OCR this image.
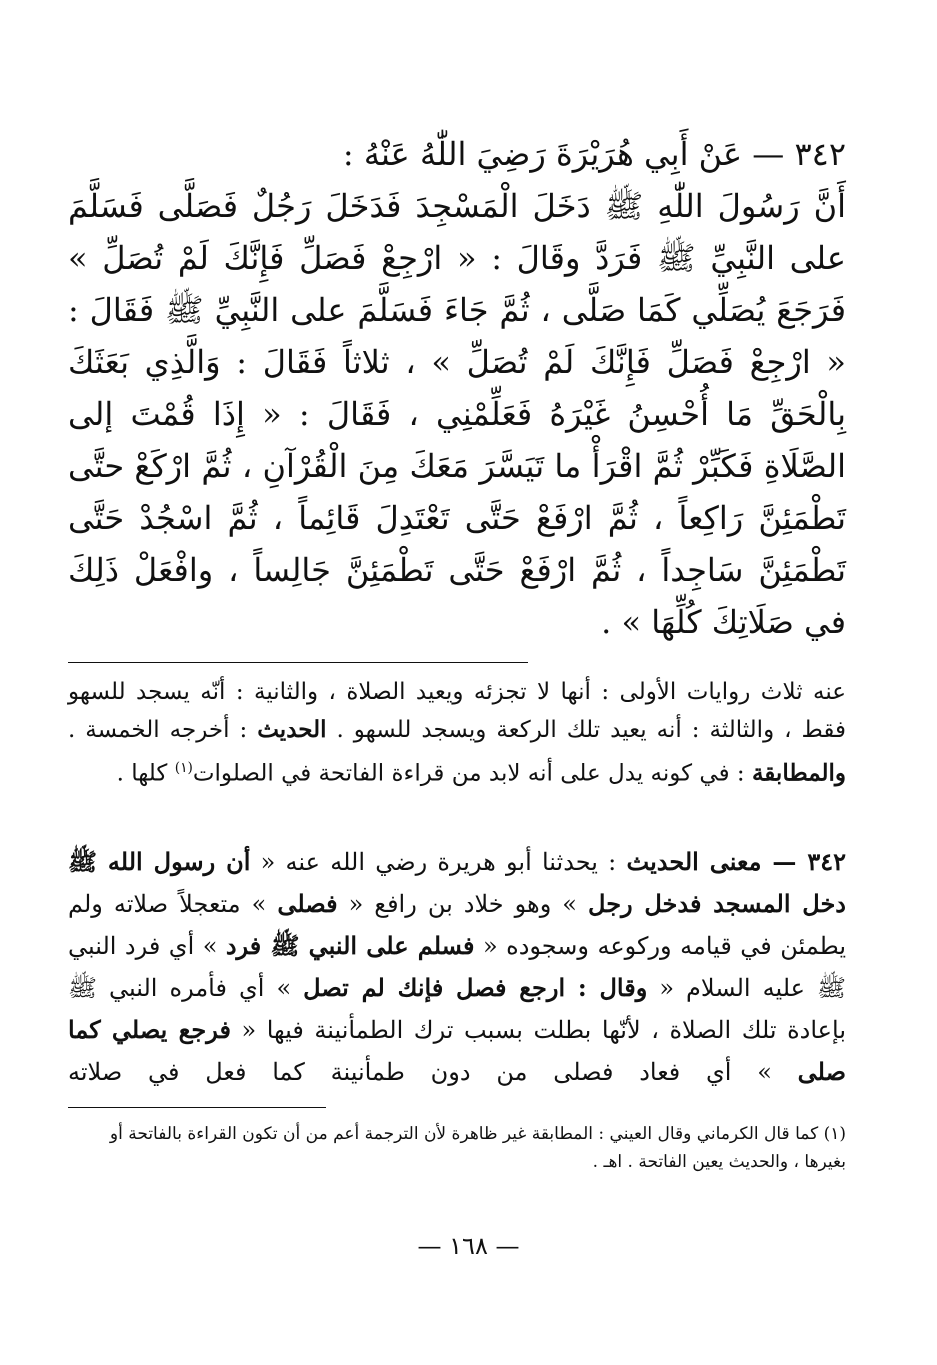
٣٤٢ — عَنْ أَبِي هُرَيْرَةَ رَضِيَ اللّٰهُ عَنْهُ :

أَنَّ رَسُولَ اللّٰهِ ﷺ دَخَلَ الْمَسْجِدَ فَدَخَلَ رَجُلٌ فَصَلَّى فَسَلَّمَ على النَّبِيِّ ﷺ فَرَدَّ وقَالَ : « ارْجِعْ فَصَلِّ فَإِنَّكَ لَمْ تُصَلِّ » فَرَجَعَ يُصَلِّي كَمَا صَلَّى ، ثُمَّ جَاءَ فَسَلَّمَ على النَّبِيِّ ﷺ فَقَالَ : « ارْجِعْ فَصَلِّ فَإِنَّكَ لَمْ تُصَلِّ » ، ثلاثاً فَقَالَ : وَالَّذِي بَعَثَكَ بِالْحَقِّ مَا أُحْسِنُ غَيْرَهُ فَعَلِّمْنِي ، فَقَالَ : « إِذَا قُمْتَ إلى الصَّلَاةِ فَكَبِّرْ ثُمَّ اقْرَأْ ما تَيَسَّرَ مَعَكَ مِنَ الْقُرْآنِ ، ثُمَّ ارْكَعْ حتَّى تَطْمَئِنَّ رَاكِعاً ، ثُمَّ ارْفَعْ حَتَّى تَعْتَدِلَ قَائِماً ، ثُمَّ اسْجُدْ حَتَّى تَطْمَئِنَّ سَاجِداً ، ثُمَّ ارْفَعْ حَتَّى تَطْمَئِنَّ جَالِساً ، وافْعَلْ ذَلِكَ في صَلَاتِكَ كُلِّهَا » .

عنه ثلاث روايات الأولى : أنها لا تجزئه ويعيد الصلاة ، والثانية : أنّه يسجد للسهو فقط ، والثالثة : أنه يعيد تلك الركعة ويسجد للسهو . الحديث : أخرجه الخمسة . والمطابقة : في كونه يدل على أنه لابد من قراءة الفاتحة في الصلوات$^{(١)}$ كلها .

٣٤٢ — معنى الحديث : يحدثنا أبو هريرة رضي الله عنه « أن رسول الله ﷺ دخل المسجد فدخل رجل » وهو خلاد بن رافع « فصلى » متعجلاً صلاته ولم يطمئن في قيامه وركوعه وسجوده « فسلم على النبي ﷺ فرد » أي فرد النبي ﷺ عليه السلام « وقال : ارجع فصل فإنك لم تصل » أي فأمره النبي ﷺ بإعادة تلك الصلاة ، لأنّها بطلت بسبب ترك الطمأنينة فيها « فرجع يصلي كما صلى » أي فعاد فصلى من دون طمأنينة كما فعل في صلاته

(١) كما قال الكرماني وقال العيني : المطابقة غير ظاهرة لأن الترجمة أعم من أن تكون القراءة بالفاتحة أو بغيرها ، والحديث يعين الفاتحة . اهـ .

— ١٦٨ —
